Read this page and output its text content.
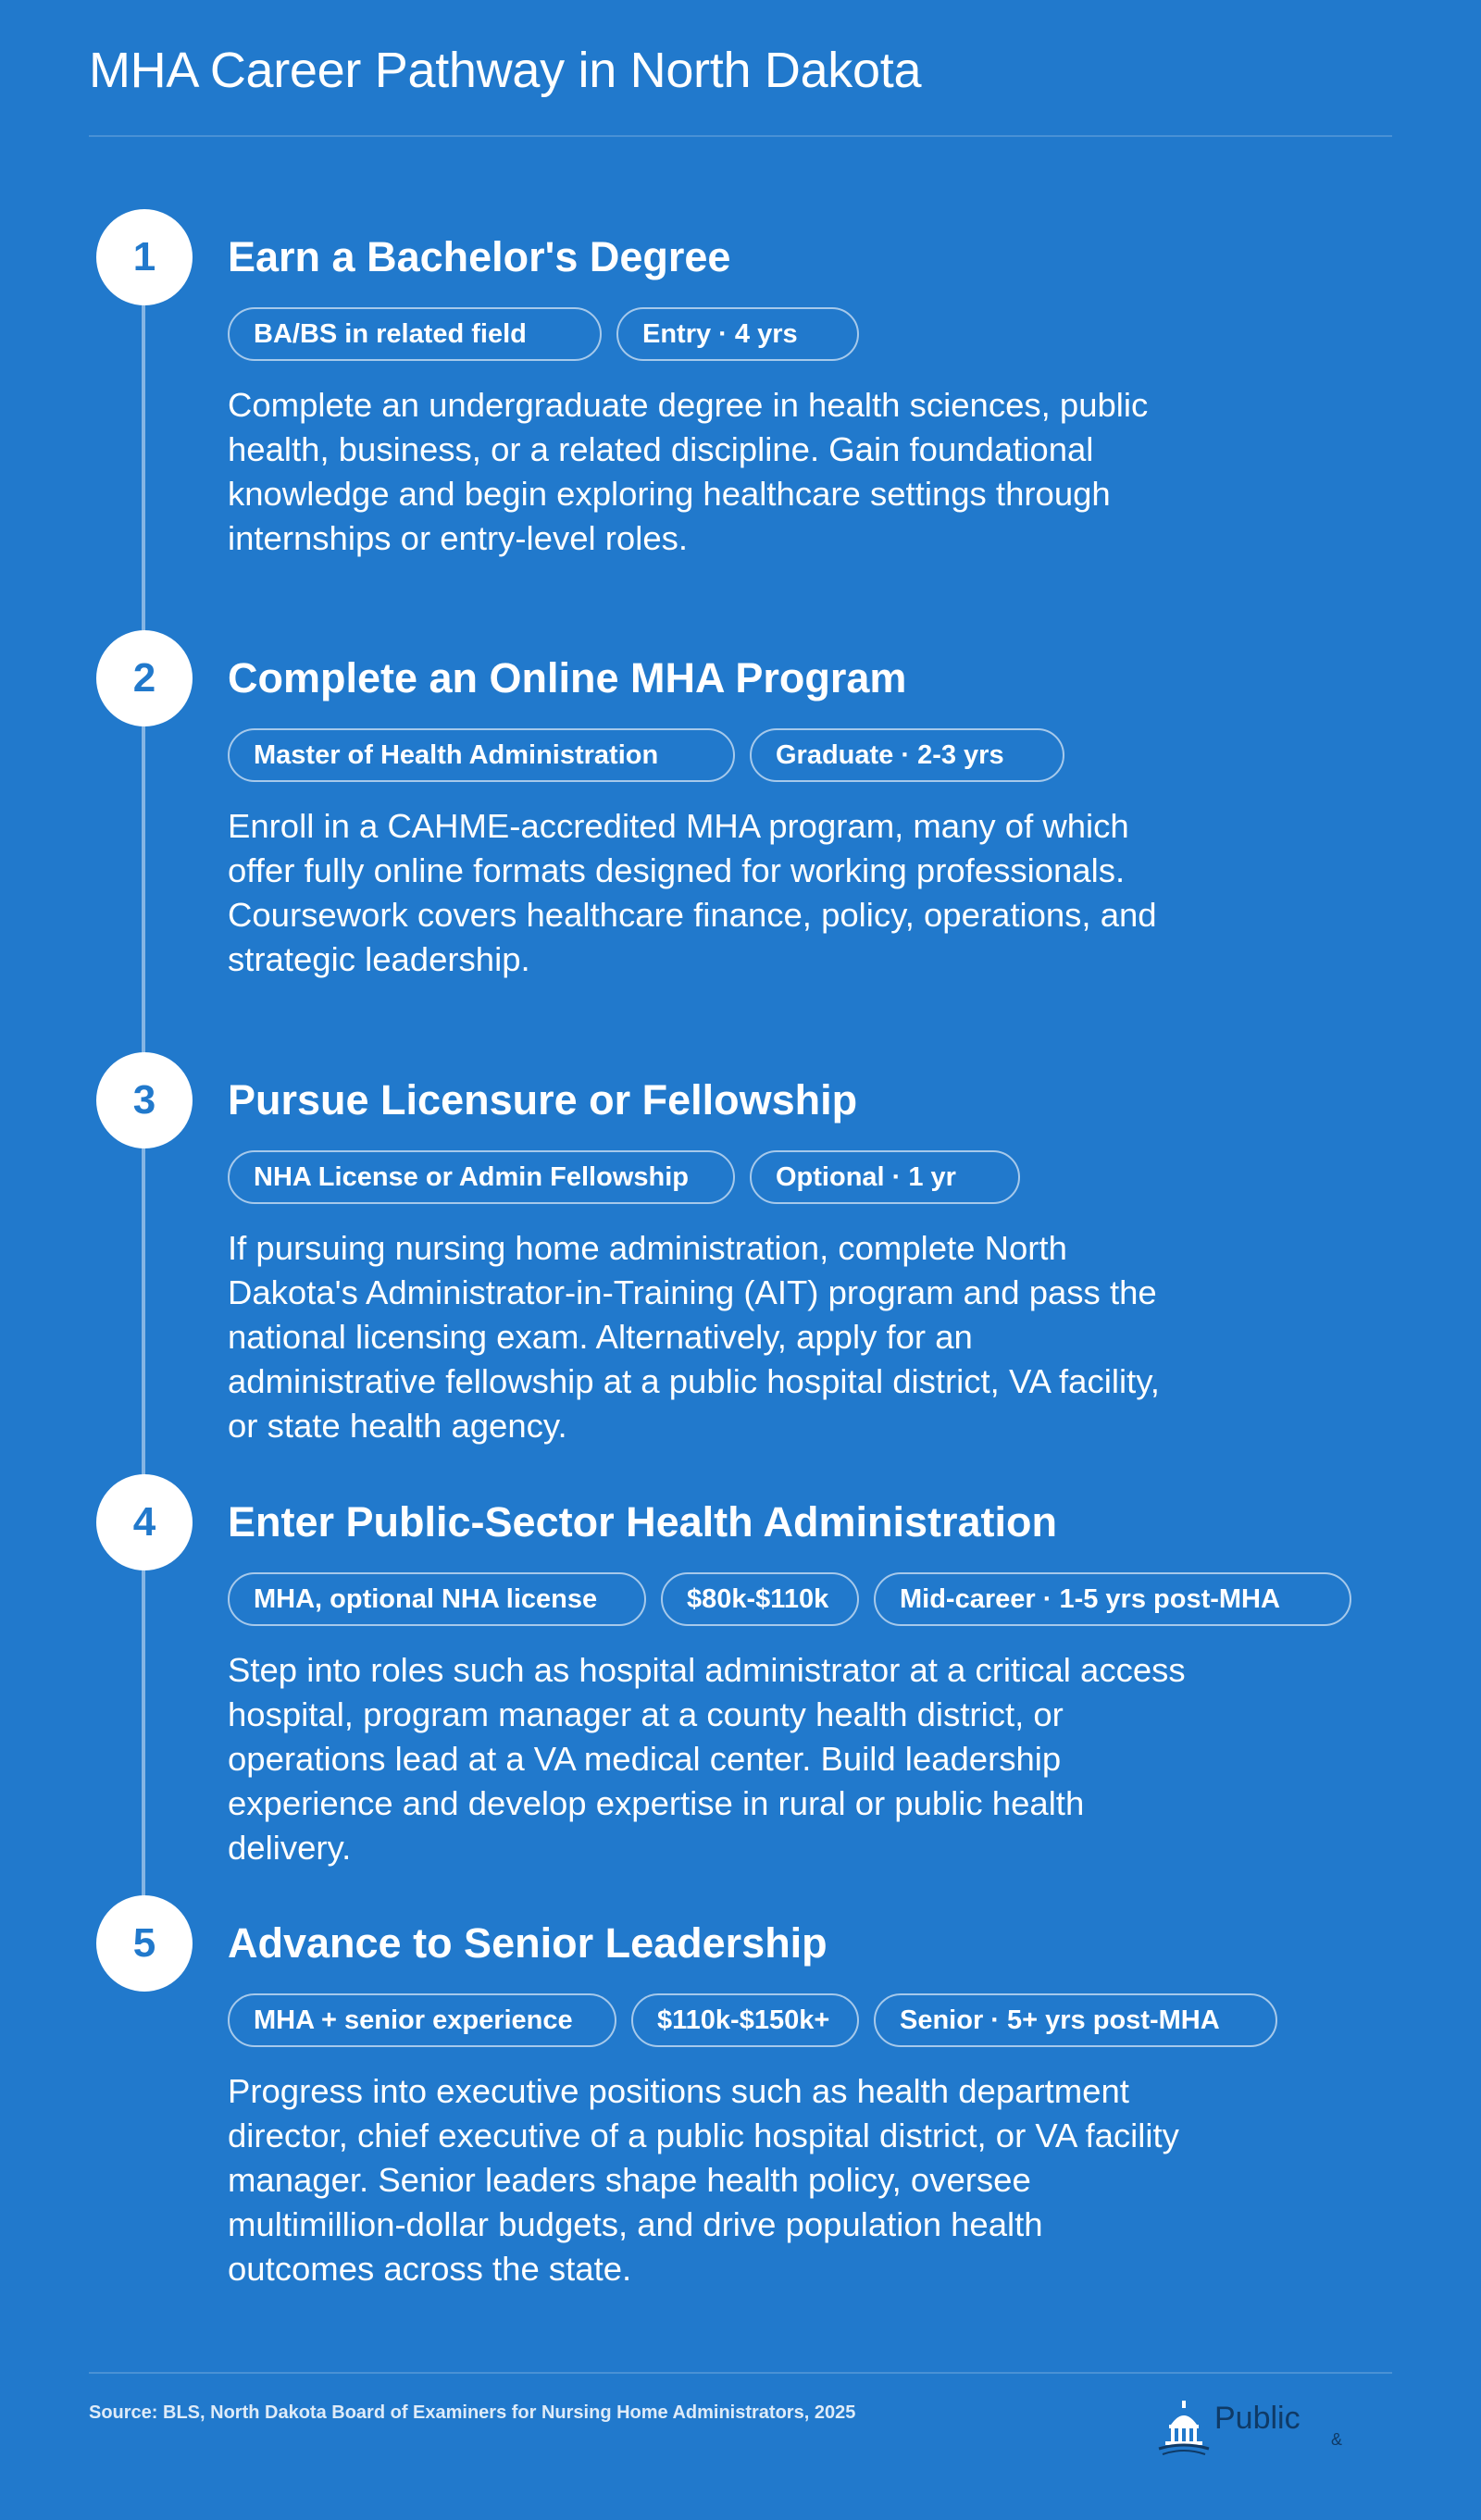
MHA Career Pathway in North Dakota
1	Earn a Bachelor's Degree
BA/BS in related field	Entry · 4 yrs

Complete an undergraduate degree in health sciences, public health, business, or a related discipline. Gain foundational knowledge and begin exploring healthcare settings through internships or entry-level roles.

2	Complete an Online MHA Program
Master of Health Administration	Graduate · 2-3 yrs

Enroll in a CAHME-accredited MHA program, many of which offer fully online formats designed for working professionals. Coursework covers healthcare finance, policy, operations, and strategic leadership.

3	Pursue Licensure or Fellowship
NHA License or Admin Fellowship	Optional · 1 yr

If pursuing nursing home administration, complete North Dakota's Administrator-in-Training (AIT) program and pass the national licensing exam. Alternatively, apply for an administrative fellowship at a public hospital district, VA facility, or state health agency.

4	Enter Public-Sector Health Administration
MHA, optional NHA license	$80k-$110k	Mid-career · 1-5 yrs post-MHA

Step into roles such as hospital administrator at a critical access hospital, program manager at a county health district, or operations lead at a VA medical center. Build leadership experience and develop expertise in rural or public health delivery.

5	Advance to Senior Leadership
MHA + senior experience	$110k-$150k+	Senior · 5+ yrs post-MHA

Progress into executive positions such as health department director, chief executive of a public hospital district, or VA facility manager. Senior leaders shape health policy, oversee multimillion-dollar budgets, and drive population health outcomes across the state.

Source: BLS, North Dakota Board of Examiners for Nursing Home Administrators, 2025	Public
&
